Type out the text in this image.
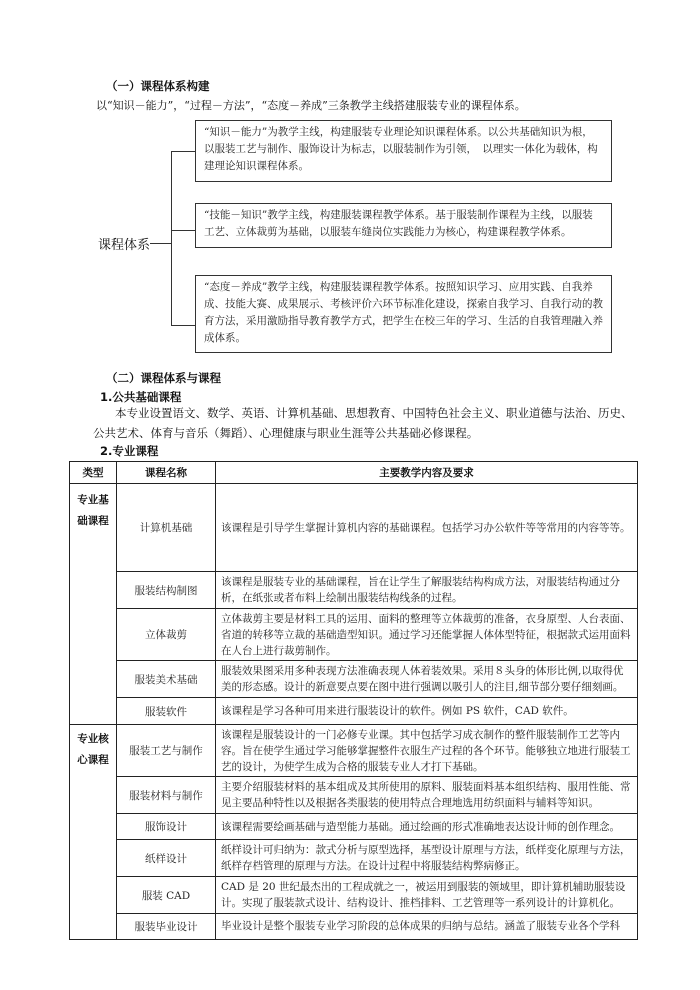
（一）课程体系构建
以“知识－能力”，“过程－方法”，“态度－养成”三条教学主线搭建服装专业的课程体系。
课程体系
“知识－能力”为教学主线，构建服装专业理论知识课程体系。以公共基础知识为根，以服装工艺与制作、服饰设计为标志，以服装制作为引领，　以理实一体化为载体，构建理论知识课程体系。
“技能－知识”教学主线，构建服装课程教学体系。基于服装制作课程为主线，以服装工艺、立体裁剪为基础，以服装车缝岗位实践能力为核心，构建课程教学体系。
“态度－养成”教学主线，构建服装课程教学体系。按照知识学习、应用实践、自我养成、技能大赛、成果展示、考核评价六环节标准化建设，探索自我学习、自我行动的教育方法，采用激励指导教育教学方式，把学生在校三年的学习、生活的自我管理融入养成体系。
（二）课程体系与课程
1.公共基础课程
本专业设置语文、数学、英语、计算机基础、思想教育、中国特色社会主义、职业道德与法治、历史、公共艺术、体育与音乐（舞蹈）、心理健康与职业生涯等公共基础必修课程。
2.专业课程
类型	课程名称	主要教学内容及要求

专业基
础课程	计算机基础	该课程是引导学生掌握计算机内容的基础课程。包括学习办公软件等等常用的内容等等。
	服装结构制图	该课程是服装专业的基础课程，旨在让学生了解服装结构构成方法，对服装结构通过分析，在纸张或者布料上绘制出服装结构线条的过程。
	立体裁剪	立体裁剪主要是材料工具的运用、面料的整理等立体裁剪的准备，衣身原型、人台表面、省道的转移等立裁的基础造型知识。通过学习还能掌握人体体型特征，根据款式运用面料在人台上进行裁剪制作。
	服装美术基础	服装效果图采用多种表现方法准确表现人体着装效果。采用８头身的体形比例,以取得优美的形态感。设计的新意要点要在图中进行强调以吸引人的注目,细节部分要仔细刻画。
	服装软件	该课程是学习各种可用来进行服装设计的软件。例如 PS 软件，CAD 软件。

专业核
心课程	服装工艺与制作	该课程是服装设计的一门必修专业课。其中包括学习成衣制作的整件服装制作工艺等内容。旨在使学生通过学习能够掌握整件衣服生产过程的各个环节。能够独立地进行服装工艺的设计，为使学生成为合格的服装专业人才打下基础。
	服装材料与制作	主要介绍服装材料的基本组成及其所使用的原料、服装面料基本组织结构、服用性能、常见主要品种特性以及根据各类服装的使用特点合理地选用纺织面料与辅料等知识。
	服饰设计	该课程需要绘画基础与造型能力基础。通过绘画的形式准确地表达设计师的创作理念。
	纸样设计	纸样设计可归纳为：款式分析与原型选择，基型设计原理与方法，纸样变化原理与方法，纸样存档管理的原理与方法。在设计过程中将服装结构弊病修正。
	服装 CAD	CAD 是 20 世纪最杰出的工程成就之一，被运用到服装的领域里，即计算机辅助服装设计。实现了服装款式设计、结构设计、推档排料、工艺管理等一系列设计的计算机化。
	服装毕业设计	毕业设计是整个服装专业学习阶段的总体成果的归纳与总结。涵盖了服装专业各个学科
